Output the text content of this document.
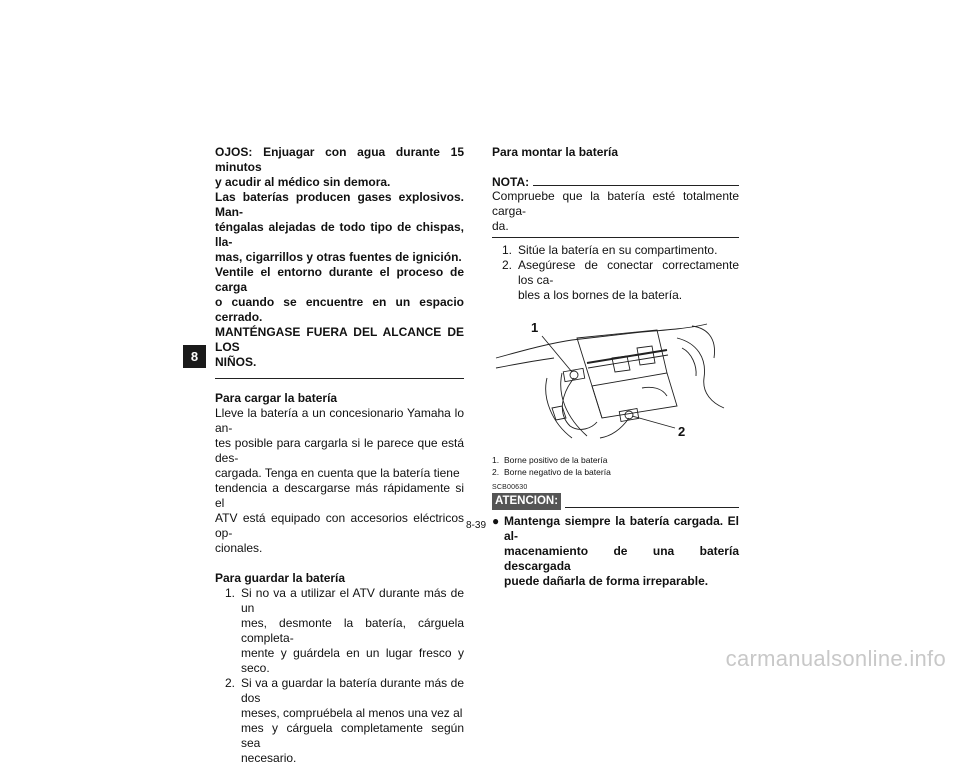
8
OJOS: Enjuagar con agua durante 15 minutos
y acudir al médico sin demora.
Las baterías producen gases explosivos. Man-
téngalas alejadas de todo tipo de chispas, lla-
mas, cigarrillos y otras fuentes de ignición.
Ventile el entorno durante el proceso de carga
o cuando se encuentre en un espacio cerrado.
MANTÉNGASE FUERA DEL ALCANCE DE LOS
NIÑOS.

Para cargar la batería

Lleve la batería a un concesionario Yamaha lo an-
tes posible para cargarla si le parece que está des-
cargada. Tenga en cuenta que la batería tiene
tendencia a descargarse más rápidamente si el
ATV está equipado con accesorios eléctricos op-
cionales.

Para guardar la batería

1. Si no va a utilizar el ATV durante más de un
mes, desmonte la batería, cárguela completa-
mente y guárdela en un lugar fresco y seco.
2. Si va a guardar la batería durante más de dos
meses, compruébela al menos una vez al
mes y cárguela completamente según sea
necesario.

Para montar la batería

NOTA:

Compruebe que la batería esté totalmente carga-
da.

1. Sitúe la batería en su compartimento.
2. Asegúrese de conectar correctamente los ca-
bles a los bornes de la batería.
1
2
1. Borne positivo de la batería
2. Borne negativo de la batería
SCB00630
ATENCION:
● Mantenga siempre la batería cargada. El al-
macenamiento de una batería descargada
puede dañarla de forma irreparable.
8-39
carmanualsonline.info
